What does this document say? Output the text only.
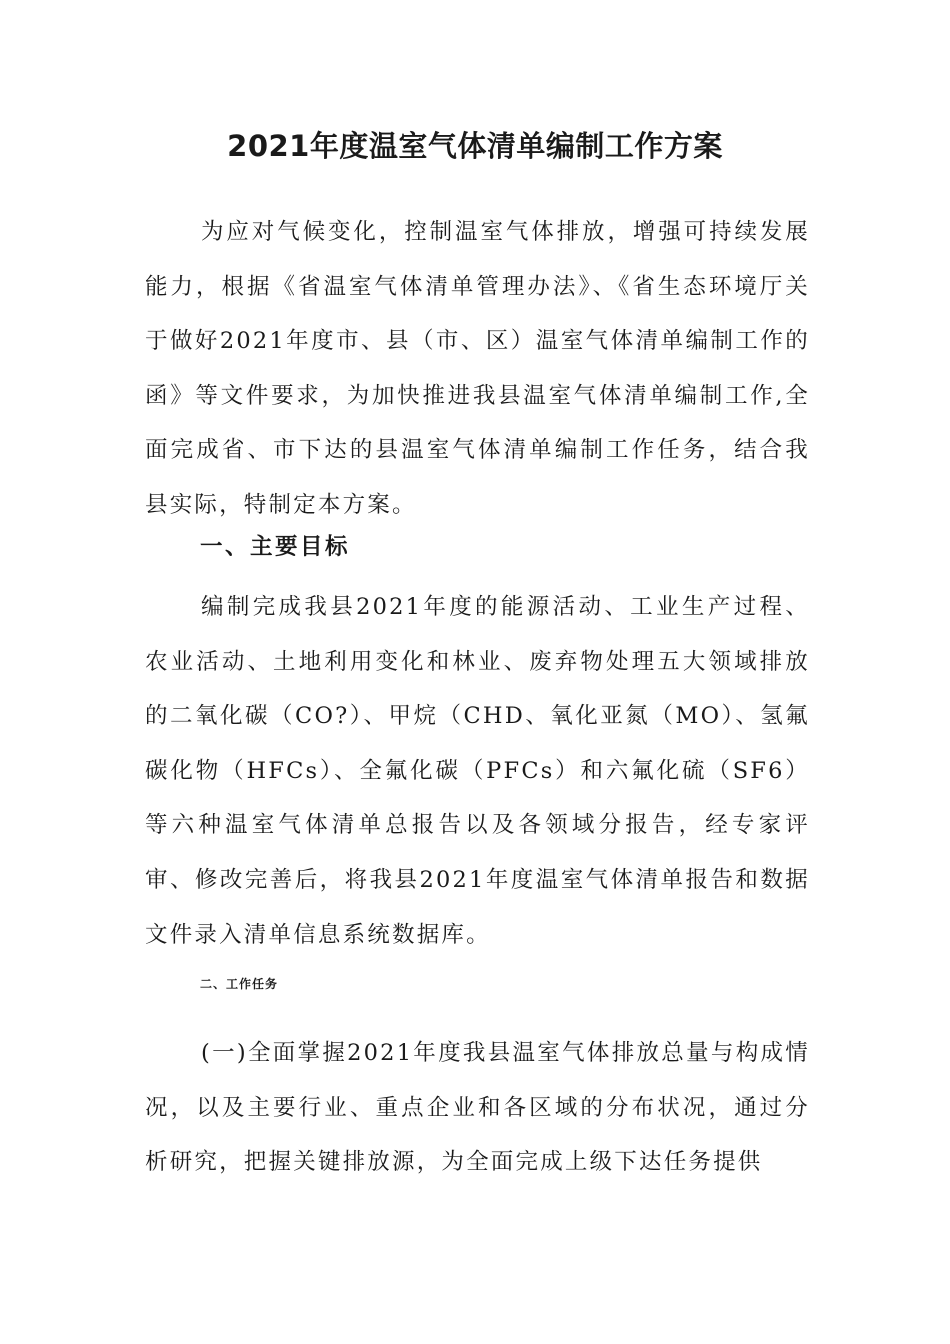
2021年度温室气体清单编制工作方案

为应对气候变化，控制温室气体排放，增强可持续发展能力，根据《省温室气体清单管理办法》、《省生态环境厅关于做好2021年度市、县（市、区）温室气体清单编制工作的函》等文件要求，为加快推进我县温室气体清单编制工作,全面完成省、市下达的县温室气体清单编制工作任务，结合我县实际，特制定本方案。

一、主要目标

编制完成我县2021年度的能源活动、工业生产过程、农业活动、土地利用变化和林业、废弃物处理五大领域排放的二氧化碳（CO?）、甲烷（CHD、氧化亚氮（MO）、氢氟碳化物（HFCs）、全氟化碳（PFCs）和六氟化硫（SF6）等六种温室气体清单总报告以及各领域分报告，经专家评审、修改完善后，将我县2021年度温室气体清单报告和数据文件录入清单信息系统数据库。

二、工作任务

(一)全面掌握2021年度我县温室气体排放总量与构成情况，以及主要行业、重点企业和各区域的分布状况，通过分析研究，把握关键排放源，为全面完成上级下达任务提供
